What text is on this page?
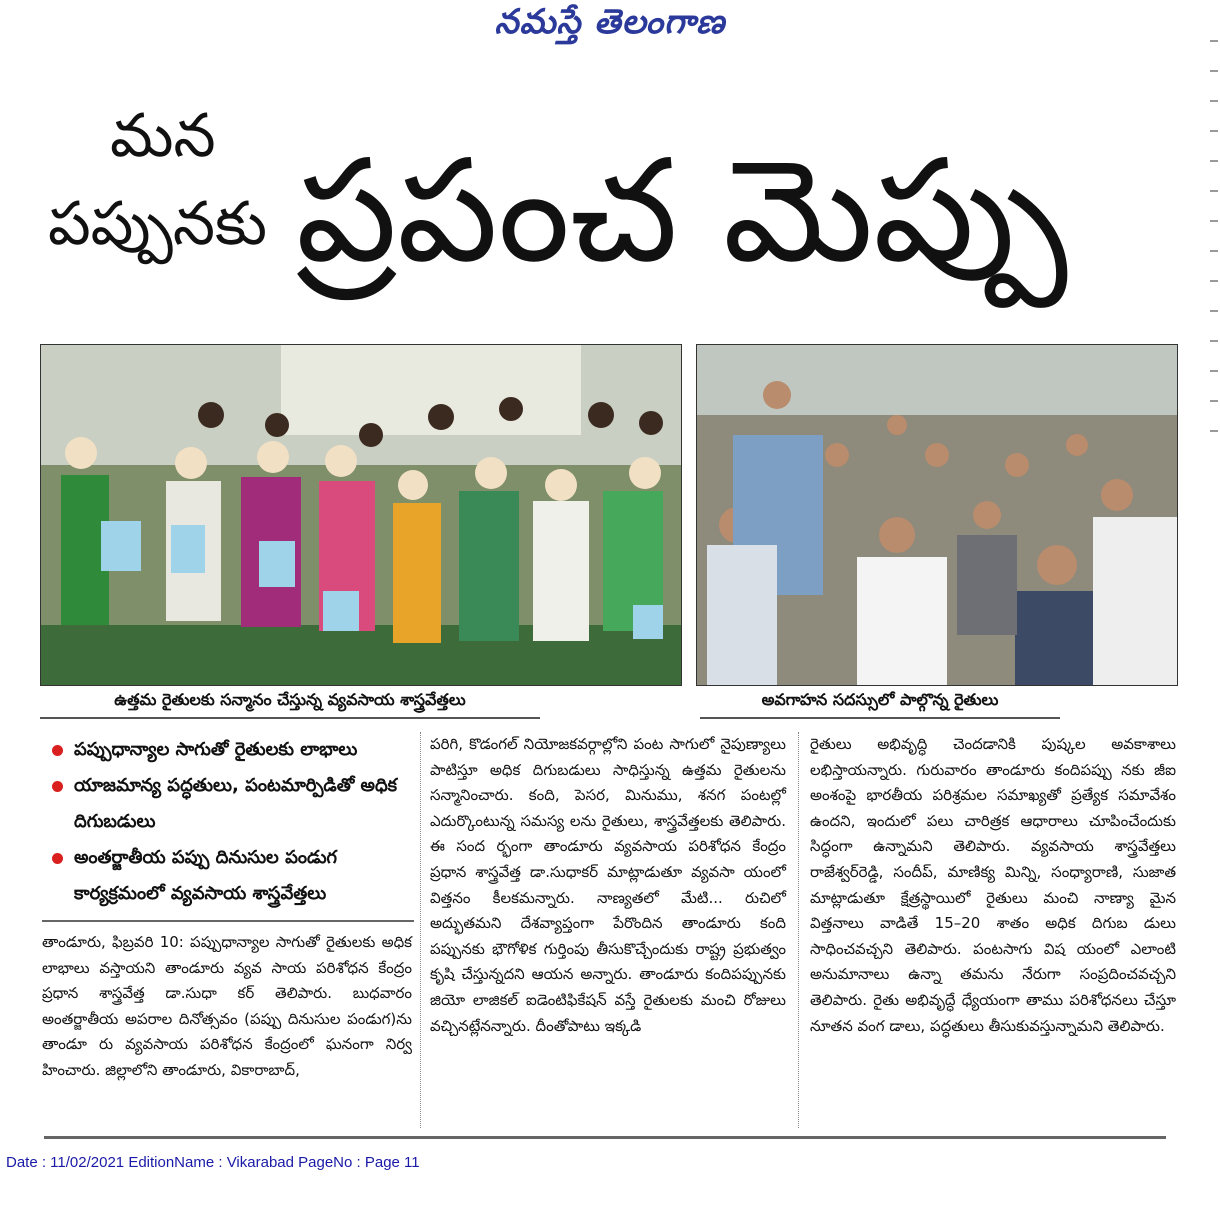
నమస్తే తెలంగాణ
మన
పప్పునకు ప్రపంచ మెప్పు
ఉత్తమ రైతులకు సన్మానం చేస్తున్న వ్యవసాయ శాస్త్రవేత్తలు	అవగాహన సదస్సులో పాల్గొన్న రైతులు
పప్పుధాన్యాల సాగుతో రైతులకు లాభాలు
యాజమాన్య పద్ధతులు, పంటమార్పిడితో అధిక దిగుబడులు
అంతర్జాతీయ పప్పు దినుసుల పండుగ కార్యక్రమంలో వ్యవసాయ శాస్త్రవేత్తలు
తాండూరు, ఫిబ్రవరి 10: పప్పుధాన్యాల సాగుతో రైతులకు అధిక లాభాలు వస్తాయని తాండూరు వ్యవ సాయ పరిశోధన కేంద్రం ప్రధాన శాస్త్రవేత్త డా.సుధా కర్ తెలిపారు. బుధవారం అంతర్జాతీయ అపరాల దినోత్సవం (పప్పు దినుసుల పండుగ)ను తాండూ రు వ్యవసాయ పరిశోధన కేంద్రంలో ఘనంగా నిర్వ హించారు. జిల్లాలోని తాండూరు, వికారాబాద్,
పరిగి, కొడంగల్ నియోజకవర్గాల్లోని పంట సాగులో నైపుణ్యాలు పాటిస్తూ అధిక దిగుబడులు సాధిస్తున్న ఉత్తమ రైతులను సన్మానించారు. కంది, పెసర, మినుము, శనగ పంటల్లో ఎదుర్కొంటున్న సమస్య లను రైతులు, శాస్త్రవేత్తలకు తెలిపారు. ఈ సంద ర్భంగా తాండూరు వ్యవసాయ పరిశోధన కేంద్రం ప్రధాన శాస్త్రవేత్త డా.సుధాకర్ మాట్లాడుతూ వ్యవసా యంలో విత్తనం కీలకమన్నారు. నాణ్యతలో మేటి... రుచిలో అద్భుతమని దేశవ్యాప్తంగా పేరొందిన తాండూరు కంది పప్పునకు భౌగోళిక గుర్తింపు తీసుకొచ్చేందుకు రాష్ట్ర ప్రభుత్వం కృషి చేస్తున్నదని ఆయన అన్నారు. తాండూరు కందిపప్పునకు జియో లాజికల్ ఐడెంటిఫికేషన్ వస్తే రైతులకు మంచి రోజులు వచ్చినట్లేనన్నారు. దీంతోపాటు ఇక్కడి
రైతులు అభివృద్ధి చెందడానికి పుష్కల అవకాశాలు లభిస్తాయన్నారు. గురువారం తాండూరు కందిపప్పు నకు జీఐ అంశంపై భారతీయ పరిశ్రమల సమాఖ్యతో ప్రత్యేక సమావేశం ఉందని, ఇందులో పలు చారిత్రక ఆధారాలు చూపించేందుకు సిద్ధంగా ఉన్నామని తెలిపారు. వ్యవసాయ శాస్త్రవేత్తలు రాజేశ్వర్‌రెడ్డి, సందీప్, మాణిక్య మిన్ని, సంధ్యారాణి, సుజాత మాట్లాడుతూ క్షేత్రస్థాయిలో రైతులు మంచి నాణ్యా మైన విత్తనాలు వాడితే 15–20 శాతం అధిక దిగుబ డులు సాధించవచ్చని తెలిపారు. పంటసాగు విష యంలో ఎలాంటి అనుమానాలు ఉన్నా తమను నేరుగా సంప్రదించవచ్చని తెలిపారు. రైతు అభివృద్ధే ధ్యేయంగా తాము పరిశోధనలు చేస్తూ నూతన వంగ డాలు, పద్ధతులు తీసుకువస్తున్నామని తెలిపారు.
Date : 11/02/2021 EditionName : Vikarabad PageNo : Page 11
